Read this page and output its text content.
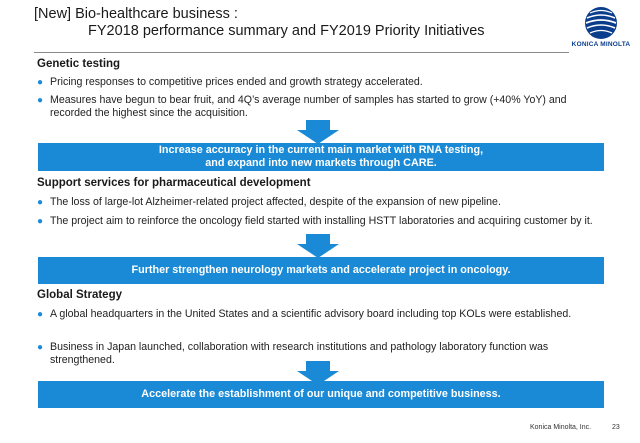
[New] Bio-healthcare business :
FY2018 performance summary and FY2019 Priority Initiatives
KONICA MINOLTA
Genetic testing
● Pricing responses to competitive prices ended and growth strategy accelerated.
● Measures have begun to bear fruit, and 4Q’s average number of samples has started to grow (+40% YoY) and recorded the highest since the acquisition.
Increase accuracy in the current main market with RNA testing,
and expand into new markets through CARE.
Support services for pharmaceutical development
● The loss of large-lot Alzheimer-related project affected, despite of the expansion of new pipeline.
● The project aim to reinforce the oncology field started with installing HSTT laboratories and acquiring customer by it.
Further strengthen neurology markets and accelerate project in oncology.
Global Strategy
● A global headquarters in the United States and a scientific advisory board including top KOLs were established.
● Business in Japan launched, collaboration with research institutions and pathology laboratory function was strengthened.
Accelerate the establishment of our unique and competitive business.
Konica Minolta, Inc.	23
